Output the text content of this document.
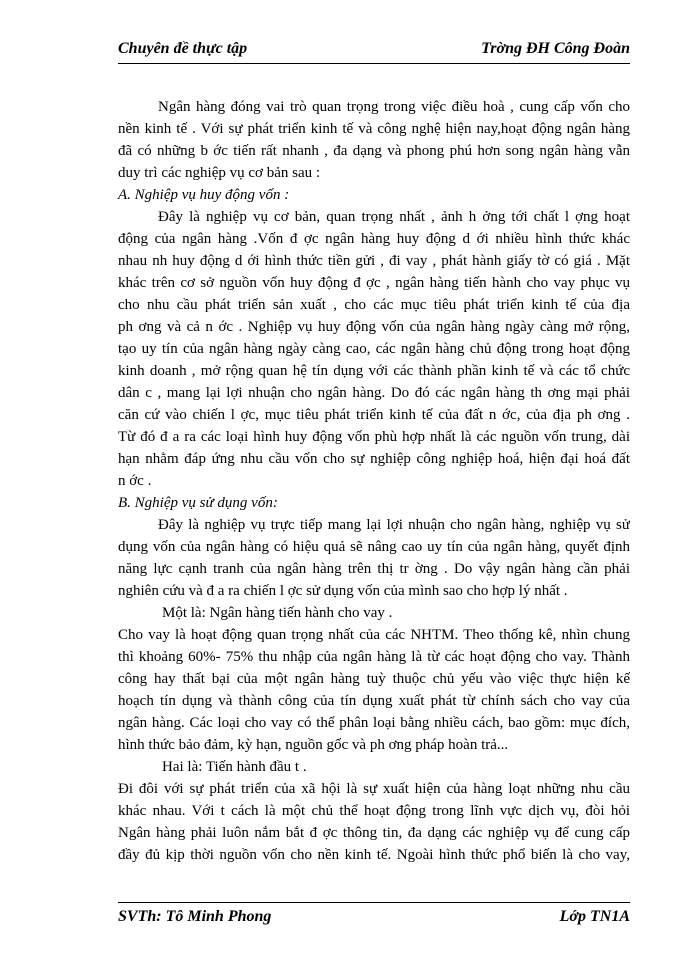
Chuyên đề thực tập	Trờng ĐH Công Đoàn
Ngân hàng đóng vai trò quan trọng trong việc điều hoà , cung cấp vốn cho
nền kinh tế . Với sự phát triển kinh tế và công nghệ hiện nay,hoạt động ngân hàng
đã có những b ớc tiến rất nhanh , đa dạng và phong phú hơn song ngân hàng vẫn
duy trì các nghiệp vụ cơ bản sau :
A. Nghiệp vụ huy động vốn :
Đây là nghiệp vụ cơ bản, quan trọng nhất , ảnh h ởng tới chất l ợng hoạt
động của ngân hàng .Vốn đ ợc ngân hàng huy động d ới nhiều hình thức khác
nhau nh huy động d ới hình thức tiền gửi , đi vay , phát hành giấy tờ có giá . Mặt
khác trên cơ sở nguồn vốn huy động đ ợc , ngân hàng tiến hành cho vay phục vụ
cho nhu cầu phát triển sản xuất , cho các mục tiêu phát triển kinh tế của địa
ph ơng và cả n ớc . Nghiệp vụ huy động vốn của ngân hàng ngày càng mở rộng,
tạo uy tín của ngân hàng ngày càng cao, các ngân hàng chủ động trong hoạt động
kinh doanh , mở rộng quan hệ tín dụng với các thành phần kinh tế và các tổ chức
dân c , mang lại lợi nhuận cho ngân hàng. Do đó các ngân hàng th ơng mại phải
căn cứ vào chiến l ợc, mục tiêu phát triển kinh tế của đất n ớc, của địa ph ơng .
Từ đó đ a ra các loại hình huy động vốn phù hợp nhất là các nguồn vốn trung, dài
hạn nhằm đáp ứng nhu cầu vốn cho sự nghiệp công nghiệp hoá, hiện đại hoá đất
n ớc .
B. Nghiệp vụ sử dụng vốn:
Đây là nghiệp vụ trực tiếp mang lại lợi nhuận cho ngân hàng, nghiệp vụ sử
dụng vốn của ngân hàng có hiệu quả sẽ nâng cao uy tín của ngân hàng, quyết định
năng lực cạnh tranh của ngân hàng trên thị tr ờng . Do vậy ngân hàng cần phải
nghiên cứu và đ a ra chiến l ợc sử dụng vốn của mình sao cho hợp lý nhất .
Một là: Ngân hàng tiến hành cho vay .
Cho vay là hoạt động quan trọng nhất của các NHTM. Theo thống kê, nhìn chung
thì khoảng 60%- 75% thu nhập của ngân hàng là từ các hoạt động cho vay. Thành
công hay thất bại của một ngân hàng tuỳ thuộc chủ yếu vào việc thực hiện kế
hoạch tín dụng và thành công của tín dụng xuất phát từ chính sách cho vay của
ngân hàng. Các loại cho vay có thể phân loại bằng nhiều cách, bao gồm: mục đích,
hình thức bảo đảm, kỳ hạn, nguồn gốc và ph ơng pháp hoàn trả...
Hai là: Tiến hành đầu t .
Đi đôi với sự phát triển của xã hội là sự xuất hiện của hàng loạt những nhu cầu
khác nhau. Với t cách là một chủ thể hoạt động trong lĩnh vực dịch vụ, đòi hỏi
Ngân hàng phải luôn nắm bắt đ ợc thông tin, đa dạng các nghiệp vụ để cung cấp
đầy đủ kịp thời nguồn vốn cho nền kinh tế. Ngoài hình thức phổ biến là cho vay,
SVTh: Tô Minh Phong	Lớp TN1A
